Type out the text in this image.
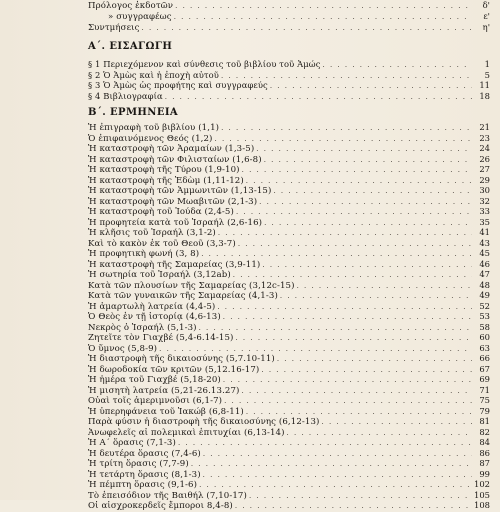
Πρόλογος ἐκδοτῶν . . .	δ'
» συγγραφέως . . .	ε'
Συντμήσεις . . .	η'
Α΄. ΕΙΣΑΓΩΓΗ
§ 1 Περιεχόμενον καὶ σύνθεσις τοῦ βιβλίου τοῦ Ἀμώς . . .	1
§ 2 Ὁ Ἀμὼς καὶ ἡ ἐποχὴ αὐτοῦ . . .	5
§ 3 Ὁ Ἀμὼς ὡς προφήτης καὶ συγγραφεύς . . .	11
§ 4 Βιβλιογραφία . . .	18
Β΄. ΕΡΜΗΝΕΙΑ
Ἡ ἐπιγραφὴ τοῦ βιβλίου (1,1) . . .	21
Ὁ ἐπιφαινόμενος Θεός (1,2) . . .	23
Ἡ καταστροφὴ τῶν Ἀραμαίων (1,3-5) . . .	24
Ἡ καταστροφὴ τῶν Φιλισταίων (1,6-8) . . .	26
Ἡ καταστροφὴ τῆς Τύρου (1,9-10) . . .	27
Ἡ καταστροφὴ τῆς Ἐδὼμ (1,11-12) . . .	29
Ἡ καταστροφὴ τῶν Ἀμμωνιτῶν (1,13-15) . . .	30
Ἡ καταστροφὴ τῶν Μωαβιτῶν (2,1-3) . . .	32
Ἡ καταστροφὴ τοῦ Ἰούδα (2,4-5) . . .	33
Ἡ προφητεία κατὰ τοῦ Ἰσραήλ (2,6-16) . . .	35
Ἡ κλῆσις τοῦ Ἰσραήλ (3,1-2) . . .	41
Καὶ τὸ κακὸν ἐκ τοῦ Θεοῦ (3,3-7) . . .	43
Ἡ προφητικὴ φωνή (3, 8) . . .	45
Ἡ καταστροφὴ τῆς Σαμαρείας (3,9-11) . . .	46
Ἡ σωτηρία τοῦ Ἰσραήλ (3,12ab) . . .	47
Κατὰ τῶν πλουσίων τῆς Σαμαρείας (3,12c-15) . . .	48
Κατὰ τῶν γυναικῶν τῆς Σαμαρείας (4,1-3) . . .	49
Ἡ ἁμαρτωλὴ λατρεία (4,4-5) . . .	52
Ὁ Θεὸς ἐν τῇ ἱστορίᾳ (4,6-13) . . .	53
Νεκρὸς ὁ Ἰσραήλ (5,1-3) . . .	58
Ζητεῖτε τὸν Γιαχβέ (5,4-6.14-15) . . .	60
Ὁ ὕμνος (5,8-9) . . .	63
Ἡ διαστροφὴ τῆς δικαιοσύνης (5,7.10-11) . . .	66
Ἡ δωροδοκία τῶν κριτῶν (5,12.16-17) . . .	67
Ἡ ἡμέρα τοῦ Γιαχβέ (5,18-20) . . .	69
Ἡ μισητὴ λατρεία (5,21-26.13.27) . . .	71
Οὐαὶ τοῖς ἀμεριμνοῦσι (6,1-7) . . .	75
Ἡ ὑπερηφάνεια τοῦ Ἰακώβ (6,8-11) . . .	79
Παρὰ φύσιν ἡ διαστροφὴ τῆς δικαιοσύνης (6,12-13) . . .	81
Ἀνωφελεῖς αἱ πολεμικαὶ ἐπιτυχίαι (6,13-14) . . .	82
Ἡ Α΄ ὅρασις (7,1-3) . . .	84
Ἡ δευτέρα ὅρασις (7,4-6) . . .	86
Ἡ τρίτη ὅρασις (7,7-9) . . .	87
Ἡ τετάρτη ὅρασις (8,1-3) . . .	99
Ἡ πέμπτη ὅρασις (9,1-6) . . .	102
Τὸ ἐπεισόδιον τῆς Βαιθήλ (7,10-17) . . .	105
Οἱ αἰσχροκερδεῖς ἔμποροι 8,4-8) . . .	108
